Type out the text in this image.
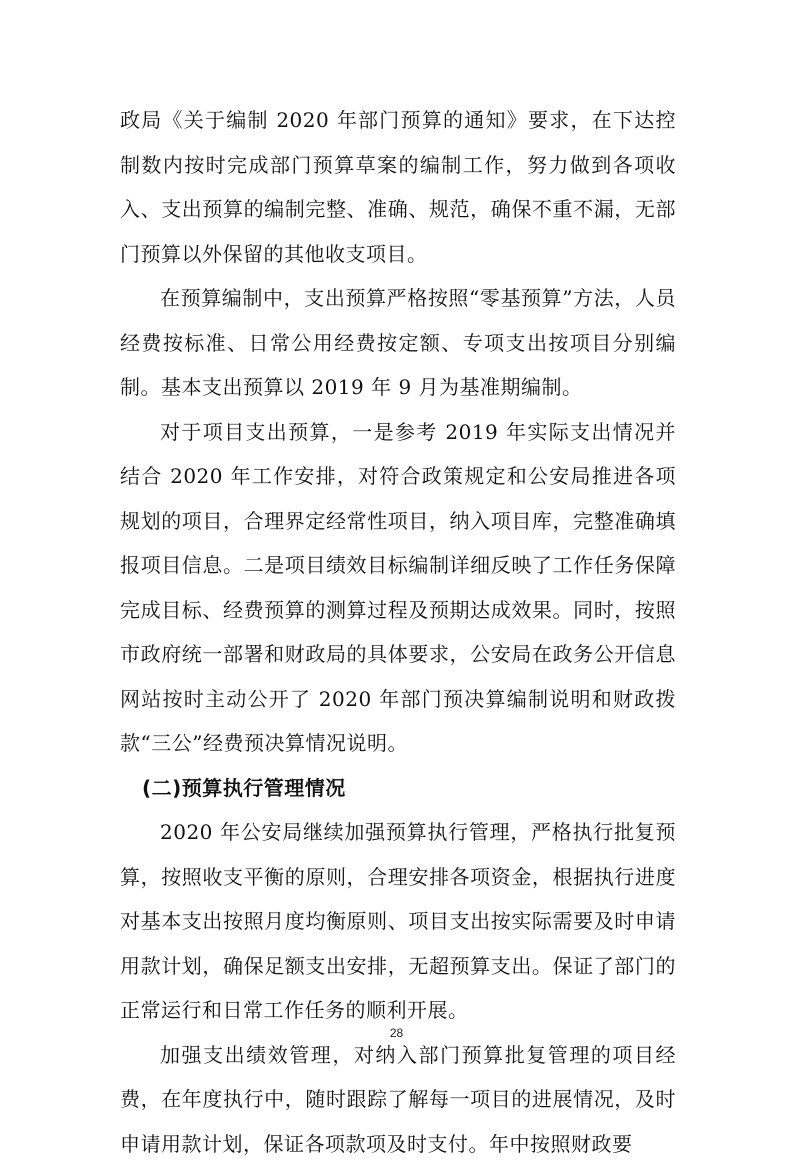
政局《关于编制 2020 年部门预算的通知》要求，在下达控制数内按时完成部门预算草案的编制工作，努力做到各项收入、支出预算的编制完整、准确、规范，确保不重不漏，无部门预算以外保留的其他收支项目。

在预算编制中，支出预算严格按照“零基预算”方法，人员经费按标准、日常公用经费按定额、专项支出按项目分别编制。基本支出预算以 2019 年 9 月为基准期编制。

对于项目支出预算，一是参考 2019 年实际支出情况并结合 2020 年工作安排，对符合政策规定和公安局推进各项规划的项目，合理界定经常性项目，纳入项目库，完整准确填报项目信息。二是项目绩效目标编制详细反映了工作任务保障完成目标、经费预算的测算过程及预期达成效果。同时，按照市政府统一部署和财政局的具体要求，公安局在政务公开信息网站按时主动公开了 2020 年部门预决算编制说明和财政拨款“三公”经费预决算情况说明。

(二)预算执行管理情况

2020 年公安局继续加强预算执行管理，严格执行批复预算，按照收支平衡的原则，合理安排各项资金，根据执行进度对基本支出按照月度均衡原则、项目支出按实际需要及时申请用款计划，确保足额支出安排，无超预算支出。保证了部门的正常运行和日常工作任务的顺利开展。

加强支出绩效管理，对纳入部门预算批复管理的项目经费，在年度执行中，随时跟踪了解每一项目的进展情况，及时申请用款计划，保证各项款项及时支付。年中按照财政要

28
